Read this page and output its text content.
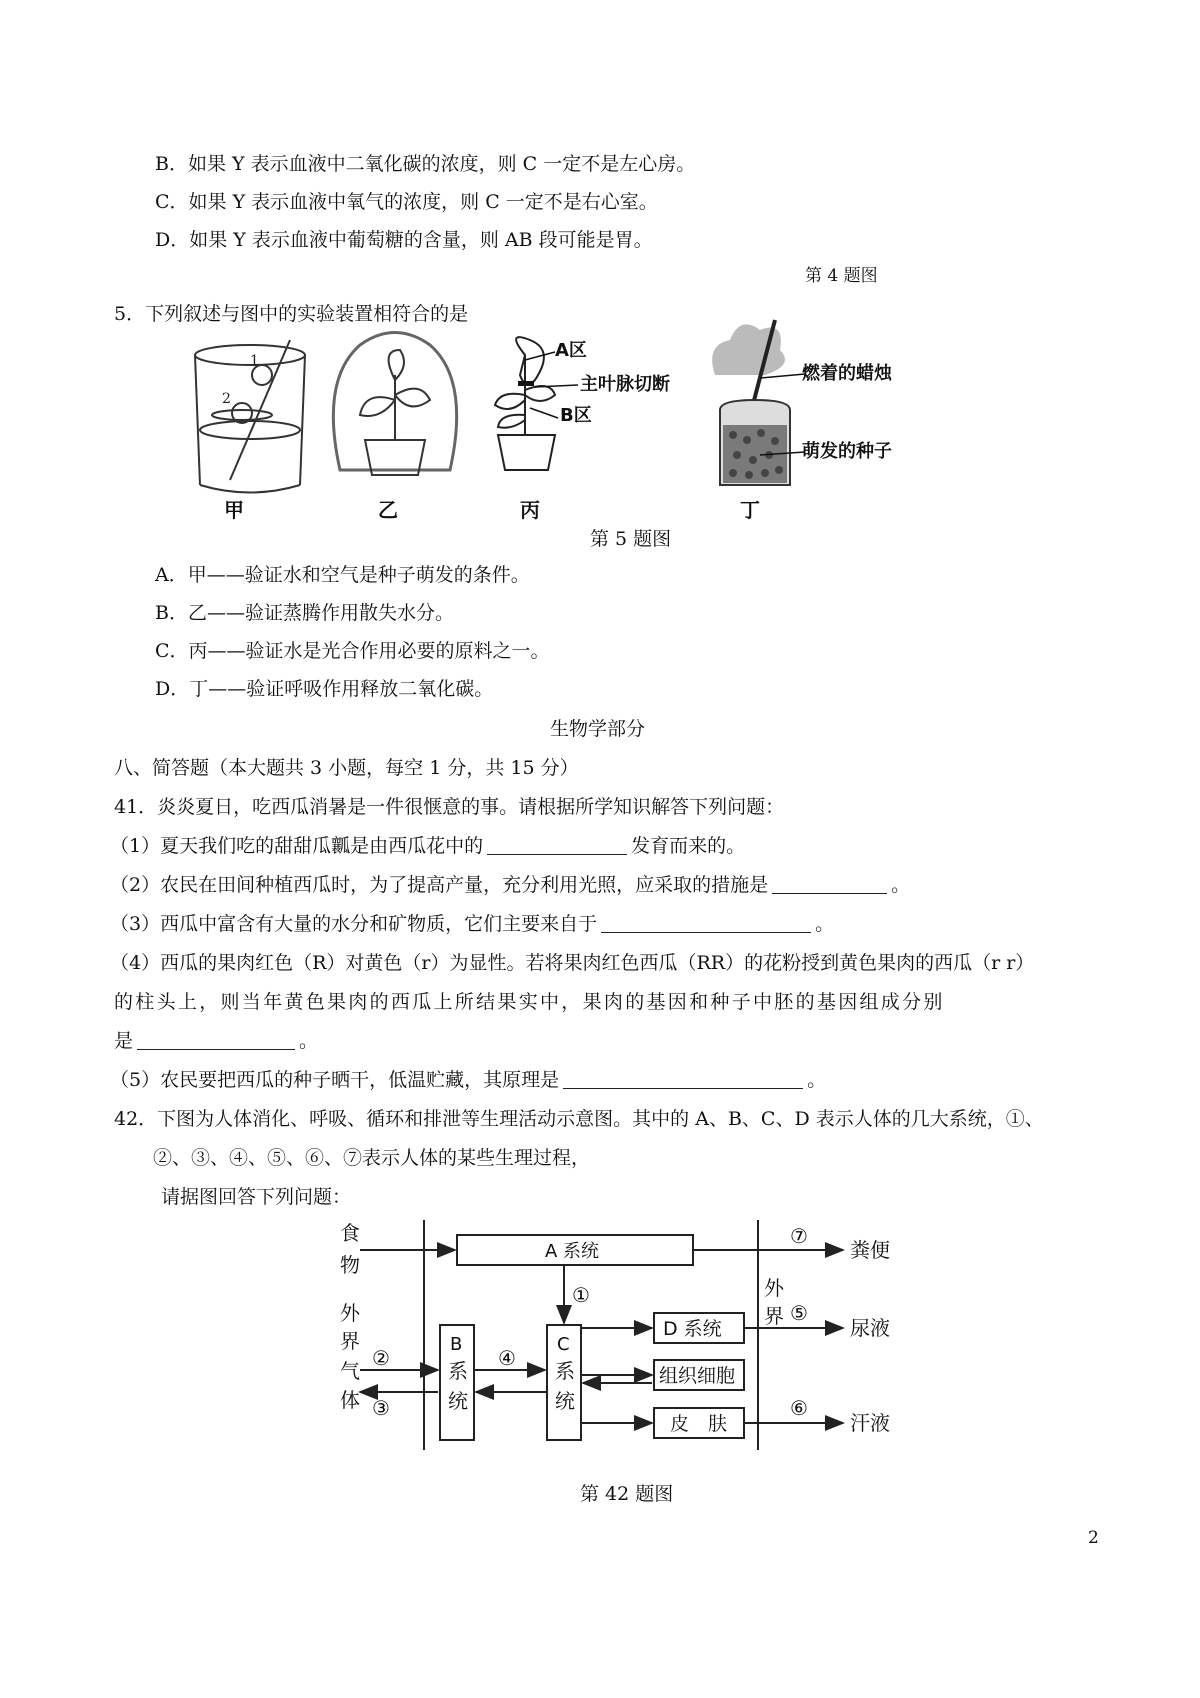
B．如果 Y 表示血液中二氧化碳的浓度，则 C 一定不是左心房。
C．如果 Y 表示血液中氧气的浓度，则 C 一定不是右心室。
D．如果 Y 表示血液中葡萄糖的含量，则 AB 段可能是胃。
第 4 题图
5．下列叙述与图中的实验装置相符合的是
1
2
甲	乙
A区
主叶脉切断
B区
丙
燃着的蜡烛
萌发的种子
丁
第 5 题图
A．甲——验证水和空气是种子萌发的条件。
B．乙——验证蒸腾作用散失水分。
C．丙——验证水是光合作用必要的原料之一。
D．丁——验证呼吸作用释放二氧化碳。
生物学部分
八、简答题（本大题共 3 小题，每空 1 分，共 15 分）
41．炎炎夏日，吃西瓜消暑是一件很惬意的事。请根据所学知识解答下列问题：
（1）夏天我们吃的甜甜瓜瓤是由西瓜花中的	发育而来的。
（2）农民在田间种植西瓜时，为了提高产量，充分利用光照，应采取的措施是	。
（3）西瓜中富含有大量的水分和矿物质，它们主要来自于	。
（4）西瓜的果肉红色（R）对黄色（r）为显性。若将果肉红色西瓜（RR）的花粉授到黄色果肉的西瓜（r r）
的柱头上，则当年黄色果肉的西瓜上所结果实中，果肉的基因和种子中胚的基因组成分别
是	。
（5）农民要把西瓜的种子晒干，低温贮藏，其原理是	。
42．下图为人体消化、呼吸、循环和排泄等生理活动示意图。其中的 A、B、C、D 表示人体的几大系统，①、
②、③、④、⑤、⑥、⑦表示人体的某些生理过程，
请据图回答下列问题：
食
物
外
界
气
体
外
界
A 系统
B
系
统
C
系
统
D 系统
组织细胞
皮　肤
粪便
尿液
汗液
①
②
③
④
⑤
⑥
⑦
第 42 题图
2
